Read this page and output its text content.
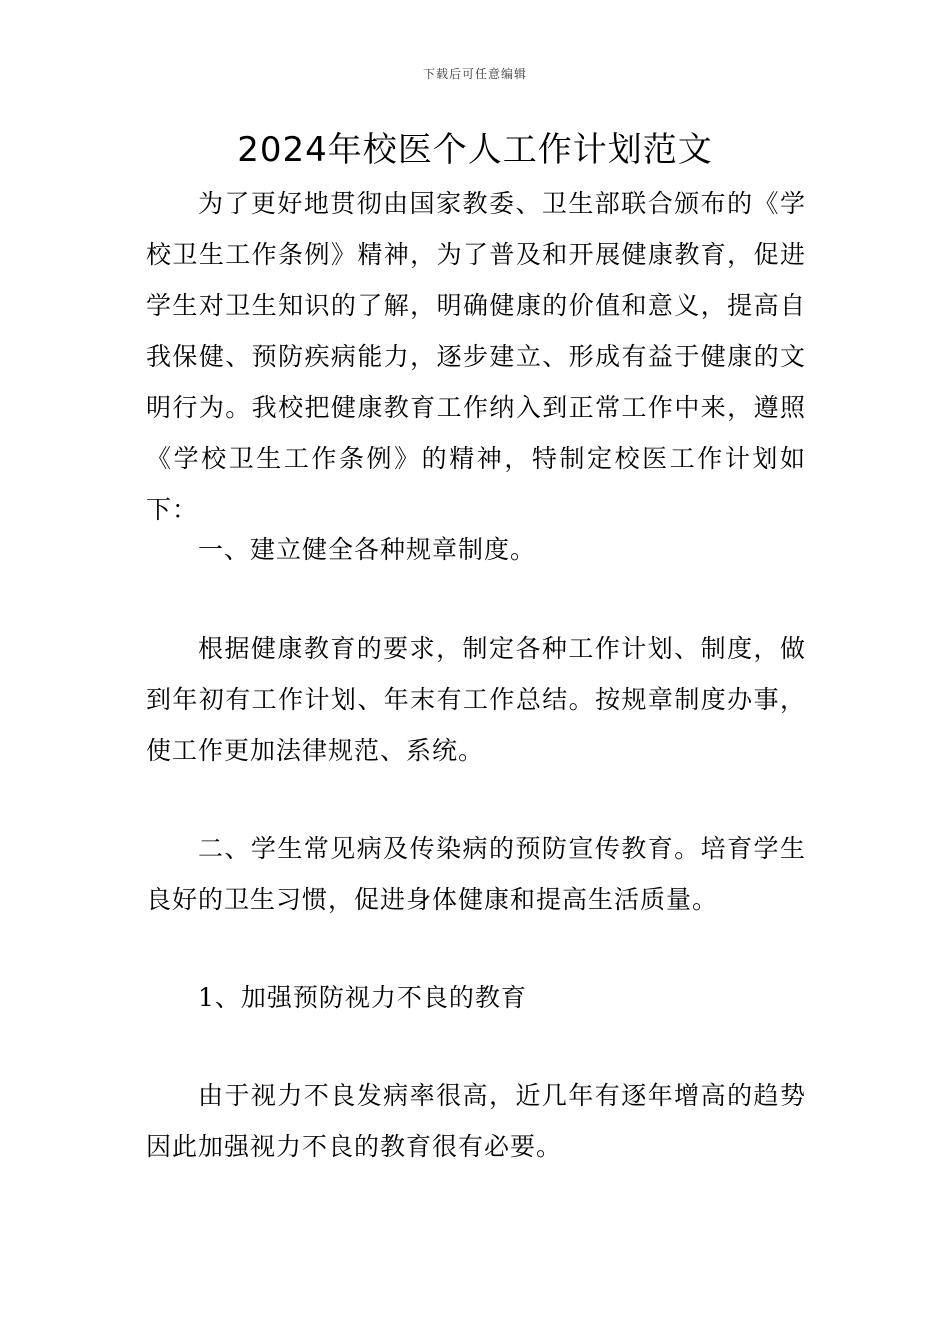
下载后可任意编辑
2024年校医个人工作计划范文

为了更好地贯彻由国家教委、卫生部联合颁布的《学校卫生工作条例》精神，为了普及和开展健康教育，促进学生对卫生知识的了解，明确健康的价值和意义，提高自我保健、预防疾病能力，逐步建立、形成有益于健康的文明行为。我校把健康教育工作纳入到正常工作中来，遵照《学校卫生工作条例》的精神，特制定校医工作计划如下：

一、建立健全各种规章制度。

根据健康教育的要求，制定各种工作计划、制度，做到年初有工作计划、年末有工作总结。按规章制度办事，使工作更加法律规范、系统。

二、学生常见病及传染病的预防宣传教育。培育学生良好的卫生习惯，促进身体健康和提高生活质量。

1、加强预防视力不良的教育

由于视力不良发病率很高，近几年有逐年增高的趋势因此加强视力不良的教育很有必要。
